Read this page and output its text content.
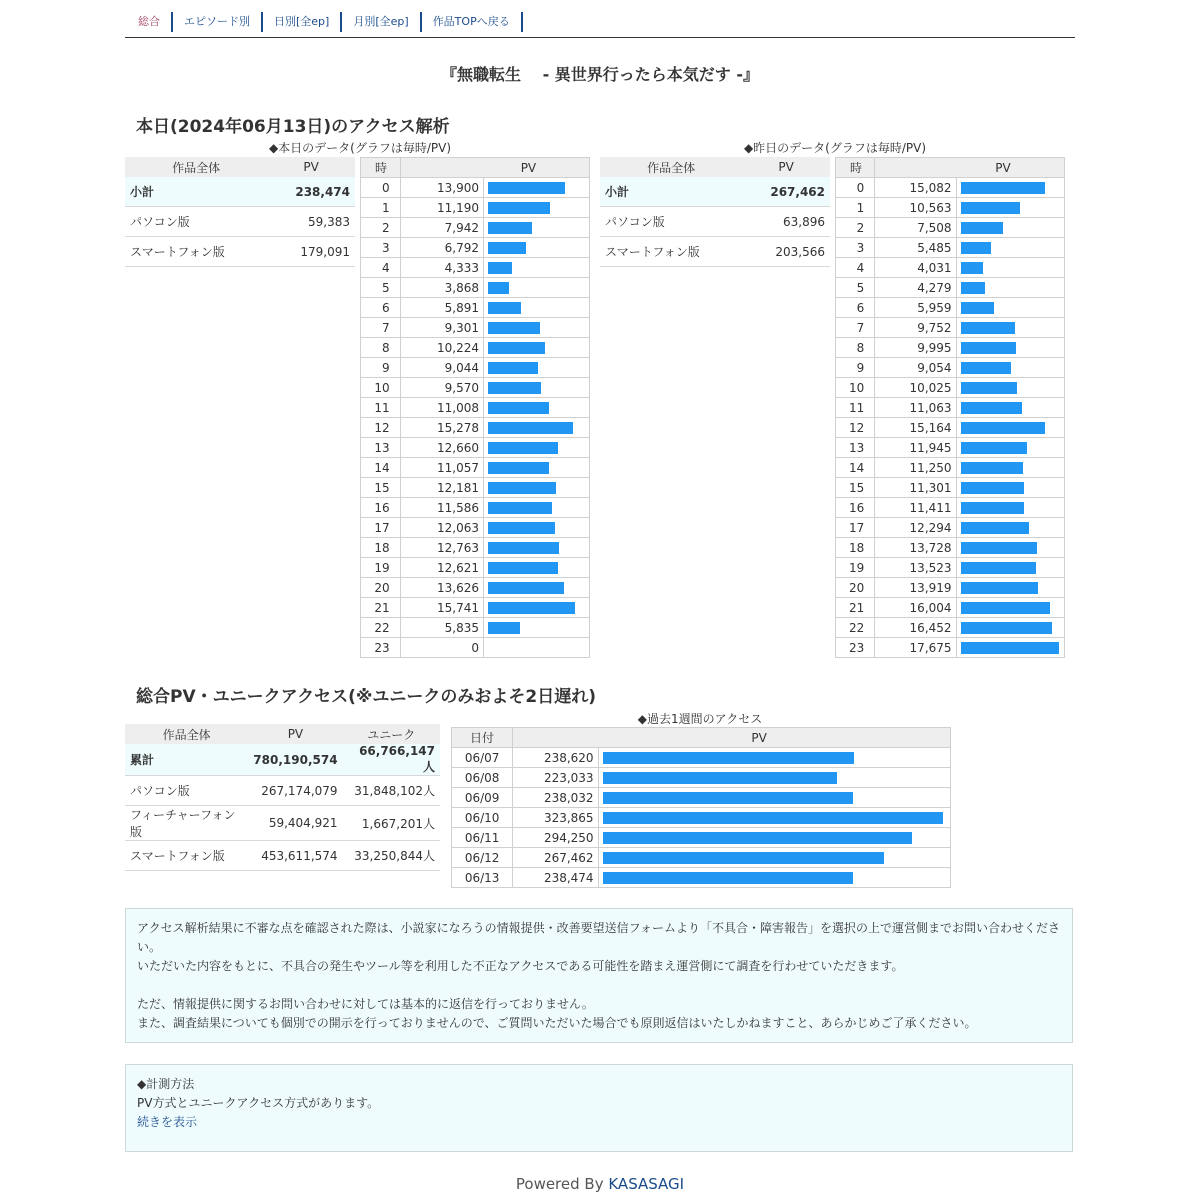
総合	エピソード別	日別[全ep]	月別[全ep]	作品TOPへ戻る
『無職転生　 - 異世界行ったら本気だす -』
本日(2024年06月13日)のアクセス解析
◆本日のデータ(グラフは毎時/PV)	◆昨日のデータ(グラフは毎時/PV)
作品全体	PV
小計	238,474
パソコン版	59,383
スマートフォン版	179,091
時	PV	
0	13,900	

1	11,190	

2	7,942	

3	6,792	

4	4,333	

5	3,868	

6	5,891	

7	9,301	

8	10,224	

9	9,044	

10	9,570	

11	11,008	

12	15,278	

13	12,660	

14	11,057	

15	12,181	

16	11,586	

17	12,063	

18	12,763	

19	12,621	

20	13,626	

21	15,741	

22	5,835	

23	0	
作品全体	PV
小計	267,462
パソコン版	63,896
スマートフォン版	203,566
時	PV	
0	15,082	

1	10,563	

2	7,508	

3	5,485	

4	4,031	

5	4,279	

6	5,959	

7	9,752	

8	9,995	

9	9,054	

10	10,025	

11	11,063	

12	15,164	

13	11,945	

14	11,250	

15	11,301	

16	11,411	

17	12,294	

18	13,728	

19	13,523	

20	13,919	

21	16,004	

22	16,452	

23	17,675	
総合PV・ユニークアクセス(※ユニークのみおよそ2日遅れ)
作品全体	PV	ユニーク
累計	780,190,574	66,766,147人
パソコン版	267,174,079	31,848,102人
フィーチャーフォン版	59,404,921	1,667,201人
スマートフォン版	453,611,574	33,250,844人
◆過去1週間のアクセス
日付	PV	
06/07	238,620	

06/08	223,033	

06/09	238,032	

06/10	323,865	

06/11	294,250	

06/12	267,462	

06/13	238,474	

アクセス解析結果に不審な点を確認された際は、小説家になろうの情報提供・改善要望送信フォームより「不具合・障害報告」を選択の上で運営側までお問い合わせください。

いただいた内容をもとに、不具合の発生やツール等を利用した不正なアクセスである可能性を踏まえ運営側にて調査を行わせていただきます。

ただ、情報提供に関するお問い合わせに対しては基本的に返信を行っておりません。

また、調査結果についても個別での開示を行っておりませんので、ご質問いただいた場合でも原則返信はいたしかねますこと、あらかじめご了承ください。

◆計測方法

PV方式とユニークアクセス方式があります。

続きを表示

Powered By KASASAGI
